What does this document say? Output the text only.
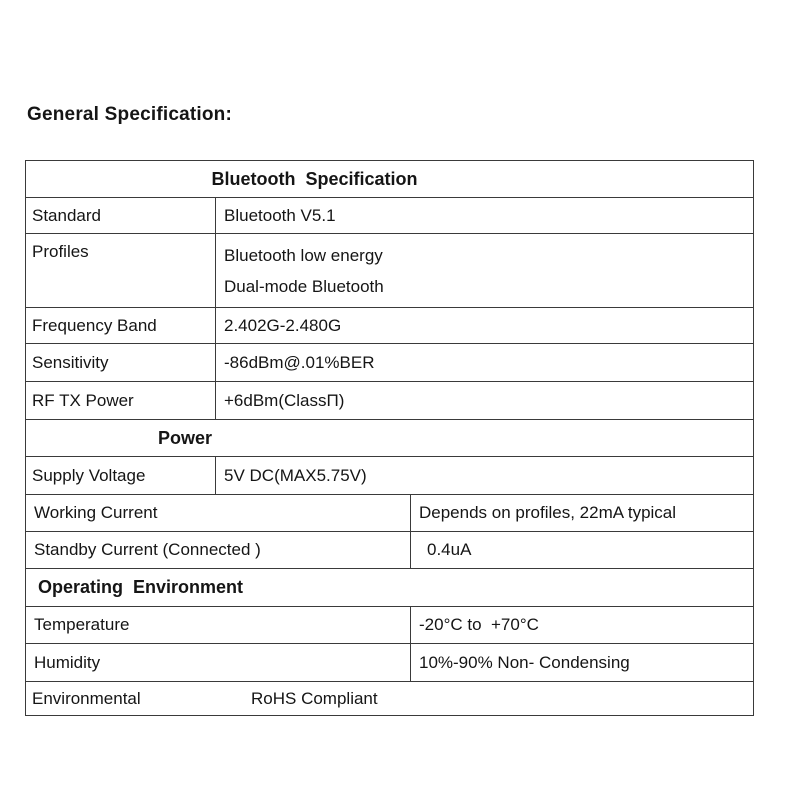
General Specification:
Bluetooth  Specification
Standard	Bluetooth V5.1
Profiles	Bluetooth low energy
Dual-mode Bluetooth
Frequency Band	2.402G-2.480G
Sensitivity	-86dBm@.01%BER
RF TX Power	+6dBm(ClassΠ)
Power
Supply Voltage	5V DC(MAX5.75V)
Working Current	Depends on profiles, 22mA typical
Standby Current (Connected )	0.4uA
Operating  Environment
Temperature	-20°C to  +70°C
Humidity	10%-90% Non- Condensing
Environmental	RoHS Compliant
